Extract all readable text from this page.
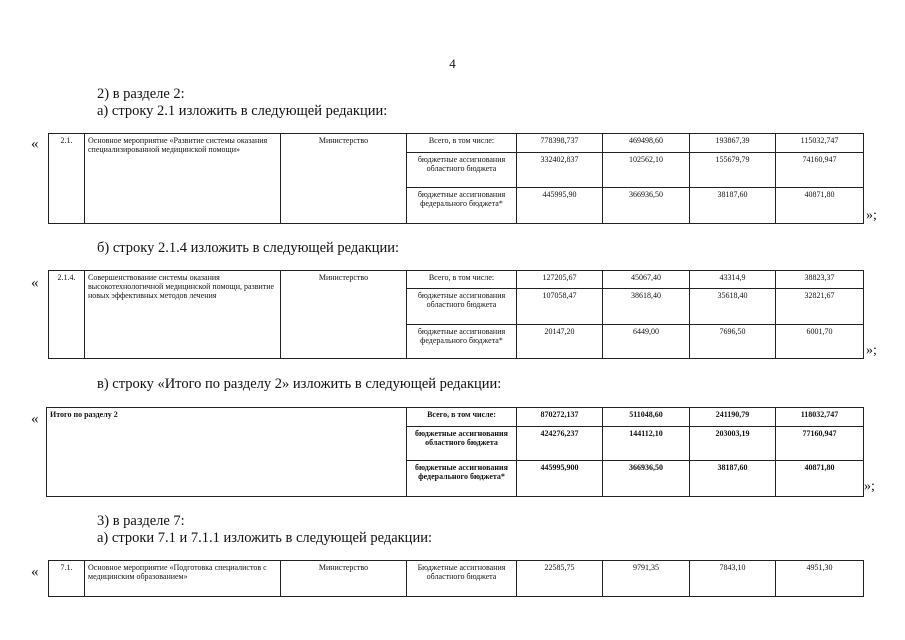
4
2) в разделе 2:
а) строку 2.1 изложить в следующей редакции:
«	2.1.	Основное мероприятие «Развитие системы оказания специализированной медицинской помощи»	Министерство	Всего, в том числе:	778398,737	469498,60	193867,39	115032,747
			бюджетные ассигнования областного бюджета	332402,837	102562,10	155679,79	74160,947
			бюджетные ассигнования федерального бюджета*	445995,90	366936,50	38187,60	40871,80
»;
б) строку 2.1.4 изложить в следующей редакции:
« 2.1.4.	Совершенствование системы оказания высокотехнологичной медицинской помощи, развитие новых эффективных методов лечения	Министерство	Всего, в том числе:	127205,67	45067,40	43314,9	38823,37
			бюджетные ассигнования областного бюджета	107058,47	38618,40	35618,40	32821,67
			бюджетные ассигнования федерального бюджета*	20147,20	6449,00	7696,50	6001,70
»;
в) строку «Итого по разделу 2» изложить в следующей редакции:
« Итого по разделу 2	Всего, в том числе:	870272,137	511048,60	241190,79	118032,747
	бюджетные ассигнования областного бюджета	424276,237	144112,10	203003,19	77160,947
	бюджетные ассигнования федерального бюджета*	445995,900	366936,50	38187,60	40871,80
»;
3) в разделе 7:
а) строки 7.1 и 7.1.1 изложить в следующей редакции:
«	7.1.	Основное мероприятие «Подготовка специалистов с медицинским образованием»	Министерство	Бюджетные ассигнования областного бюджета	22585,75	9791,35	7843,10	4951,30
